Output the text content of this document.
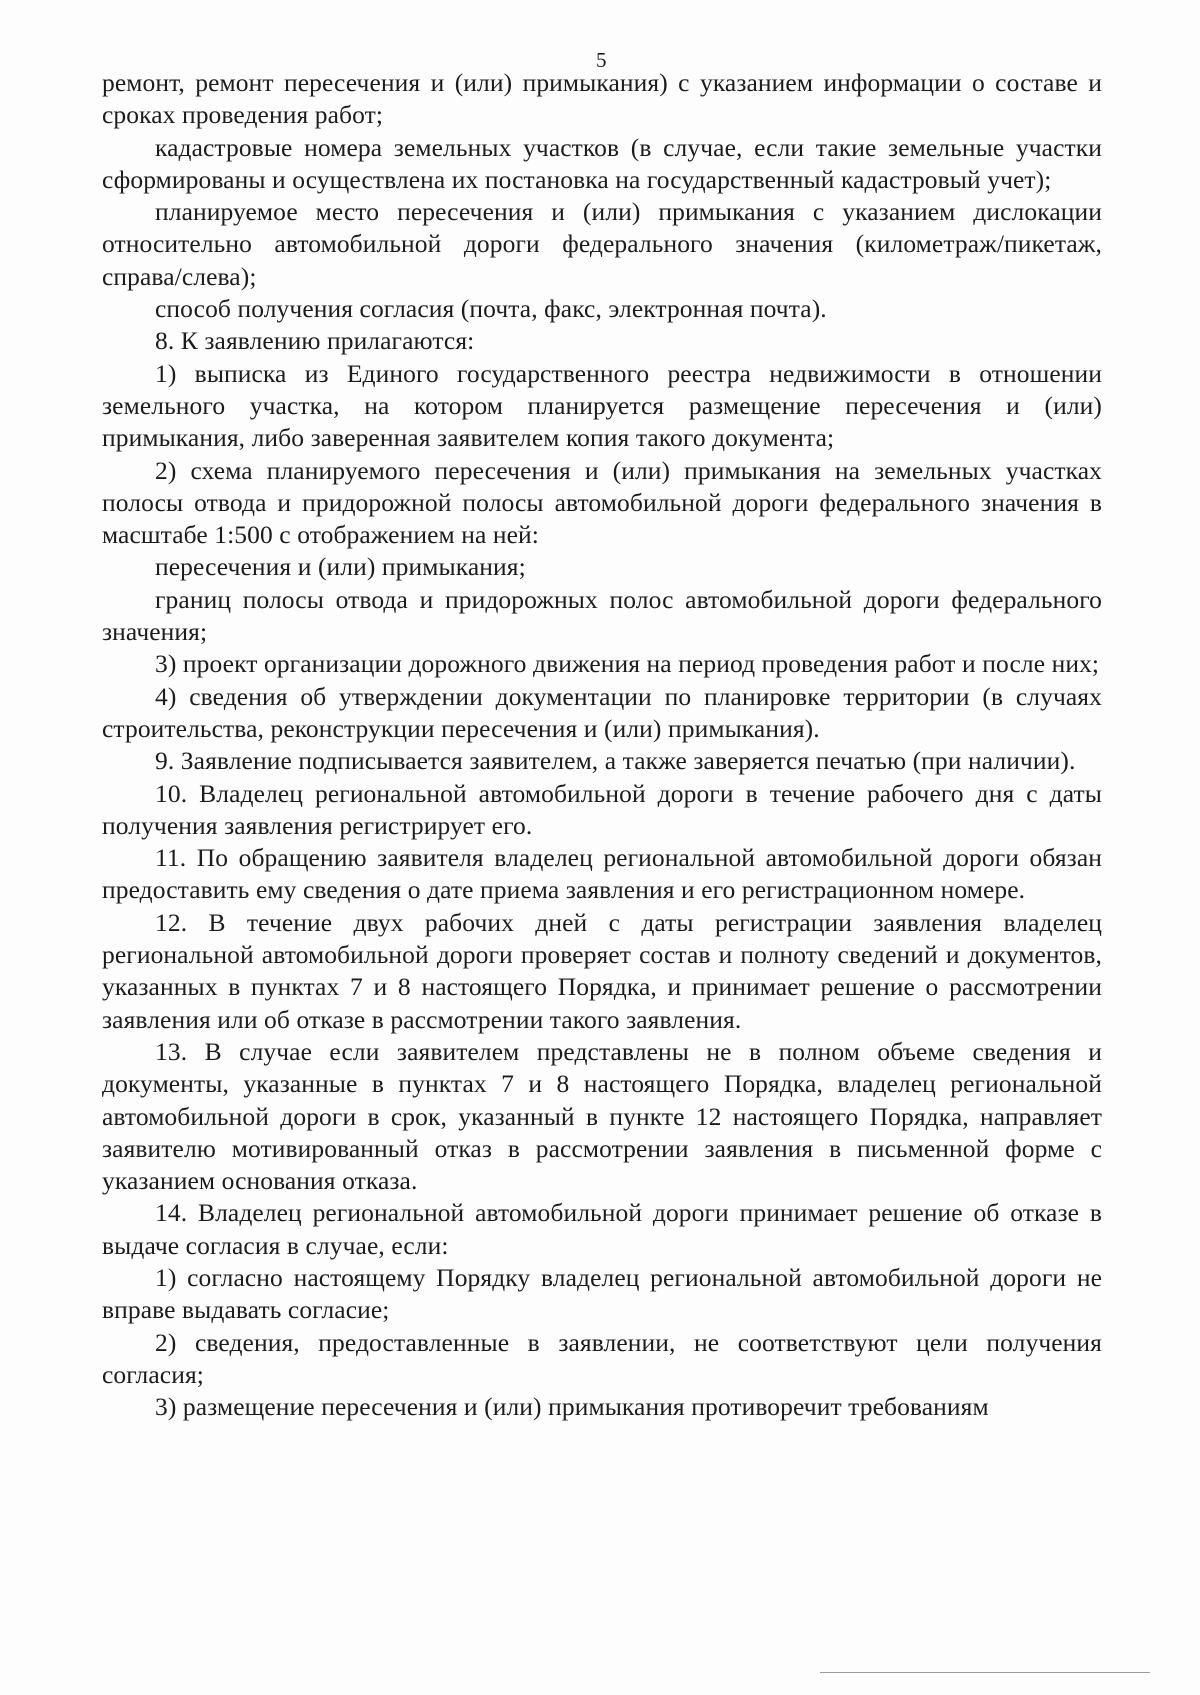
5

ремонт, ремонт пересечения и (или) примыкания) с указанием информации о составе и сроках проведения работ;

кадастровые номера земельных участков (в случае, если такие земельные участки сформированы и осуществлена их постановка на государственный кадастровый учет);

планируемое место пересечения и (или) примыкания с указанием дислокации относительно автомобильной дороги федерального значения (километраж/пикетаж, справа/слева);

способ получения согласия (почта, факс, электронная почта).

8. К заявлению прилагаются:

1) выписка из Единого государственного реестра недвижимости в отношении земельного участка, на котором планируется размещение пересечения и (или) примыкания, либо заверенная заявителем копия такого документа;

2) схема планируемого пересечения и (или) примыкания на земельных участках полосы отвода и придорожной полосы автомобильной дороги федерального значения в масштабе 1:500 с отображением на ней:

пересечения и (или) примыкания;

границ полосы отвода и придорожных полос автомобильной дороги федерального значения;

3) проект организации дорожного движения на период проведения работ и после них;

4) сведения об утверждении документации по планировке территории (в случаях строительства, реконструкции пересечения и (или) примыкания).

9. Заявление подписывается заявителем, а также заверяется печатью (при наличии).

10. Владелец региональной автомобильной дороги в течение рабочего дня с даты получения заявления регистрирует его.

11. По обращению заявителя владелец региональной автомобильной дороги обязан предоставить ему сведения о дате приема заявления и его регистрационном номере.

12. В течение двух рабочих дней с даты регистрации заявления владелец региональной автомобильной дороги проверяет состав и полноту сведений и документов, указанных в пунктах 7 и 8 настоящего Порядка, и принимает решение о рассмотрении заявления или об отказе в рассмотрении такого заявления.

13. В случае если заявителем представлены не в полном объеме сведения и документы, указанные в пунктах 7 и 8 настоящего Порядка, владелец региональной автомобильной дороги в срок, указанный в пункте 12 настоящего Порядка, направляет заявителю мотивированный отказ в рассмотрении заявления в письменной форме с указанием основания отказа.

14. Владелец региональной автомобильной дороги принимает решение об отказе в выдаче согласия в случае, если:

1) согласно настоящему Порядку владелец региональной автомобильной дороги не вправе выдавать согласие;

2) сведения, предоставленные в заявлении, не соответствуют цели получения согласия;

3) размещение пересечения и (или) примыкания противоречит требованиям
